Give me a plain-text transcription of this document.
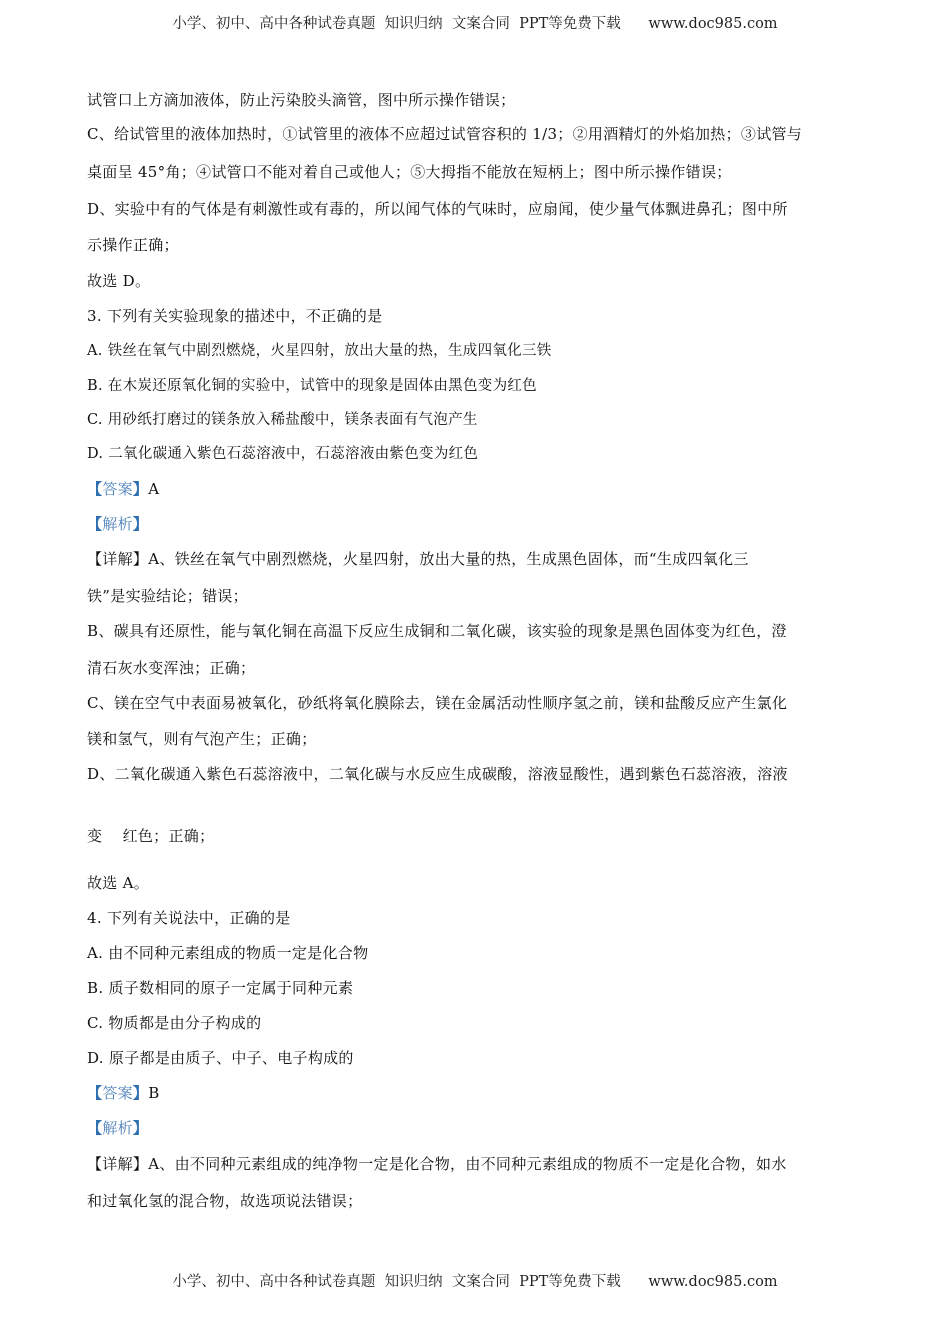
小学、初中、高中各种试卷真题  知识归纳  文案合同  PPT等免费下载      www.doc985.com
试管口上方滴加液体，防止污染胶头滴管，图中所示操作错误；
C、给试管里的液体加热时，①试管里的液体不应超过试管容积的 1/3；②用酒精灯的外焰加热；③试管与
桌面呈 45°角；④试管口不能对着自己或他人；⑤大拇指不能放在短柄上；图中所示操作错误；
D、实验中有的气体是有刺激性或有毒的，所以闻气体的气味时，应扇闻，使少量气体飘进鼻孔；图中所
示操作正确；
故选 D。
3. 下列有关实验现象的描述中，不正确的是
A. 铁丝在氧气中剧烈燃烧，火星四射，放出大量的热，生成四氧化三铁
B. 在木炭还原氧化铜的实验中，试管中的现象是固体由黑色变为红色
C. 用砂纸打磨过的镁条放入稀盐酸中，镁条表面有气泡产生
D. 二氧化碳通入紫色石蕊溶液中，石蕊溶液由紫色变为红色
【答案】A
【解析】
【详解】A、铁丝在氧气中剧烈燃烧，火星四射，放出大量的热，生成黑色固体，而“生成四氧化三
铁”是实验结论；错误；
B、碳具有还原性，能与氧化铜在高温下反应生成铜和二氧化碳，该实验的现象是黑色固体变为红色，澄
清石灰水变浑浊；正确；
C、镁在空气中表面易被氧化，砂纸将氧化膜除去，镁在金属活动性顺序氢之前，镁和盐酸反应产生氯化
镁和氢气，则有气泡产生；正确；
D、二氧化碳通入紫色石蕊溶液中，二氧化碳与水反应生成碳酸，溶液显酸性，遇到紫色石蕊溶液，溶液
变    红色；正确；
故选 A。
4. 下列有关说法中，正确的是
A. 由不同种元素组成的物质一定是化合物
B. 质子数相同的原子一定属于同种元素
C. 物质都是由分子构成的
D. 原子都是由质子、中子、电子构成的
【答案】B
【解析】
【详解】A、由不同种元素组成的纯净物一定是化合物，由不同种元素组成的物质不一定是化合物，如水
和过氧化氢的混合物，故选项说法错误；
小学、初中、高中各种试卷真题  知识归纳  文案合同  PPT等免费下载      www.doc985.com
